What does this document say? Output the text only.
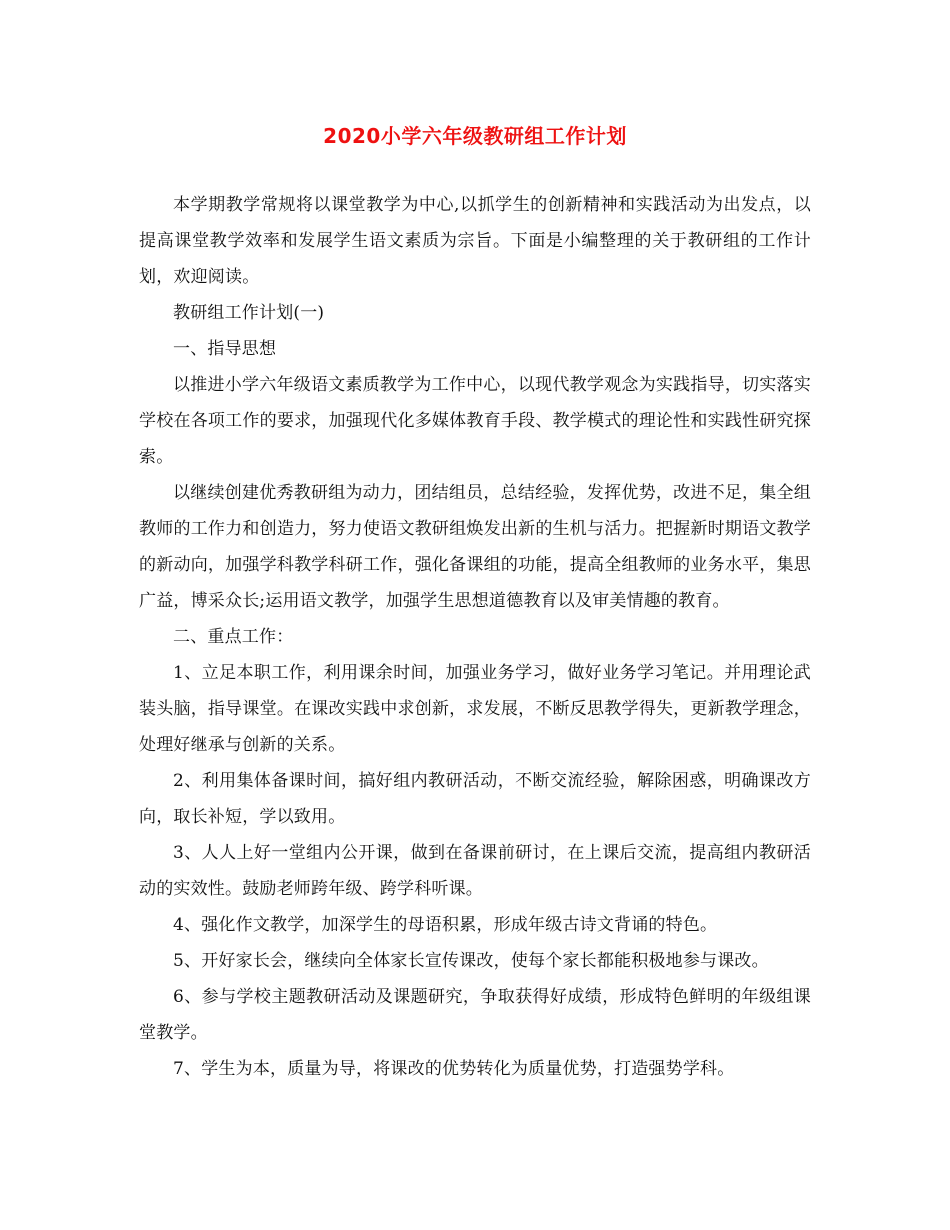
2020小学六年级教研组工作计划

本学期教学常规将以课堂教学为中心,以抓学生的创新精神和实践活动为出发点，以提高课堂教学效率和发展学生语文素质为宗旨。下面是小编整理的关于教研组的工作计划，欢迎阅读。

教研组工作计划(一)

一、指导思想

以推进小学六年级语文素质教学为工作中心，以现代教学观念为实践指导，切实落实学校在各项工作的要求，加强现代化多媒体教育手段、教学模式的理论性和实践性研究探索。

以继续创建优秀教研组为动力，团结组员，总结经验，发挥优势，改进不足，集全组教师的工作力和创造力，努力使语文教研组焕发出新的生机与活力。把握新时期语文教学的新动向，加强学科教学科研工作，强化备课组的功能，提高全组教师的业务水平，集思广益，博采众长;运用语文教学，加强学生思想道德教育以及审美情趣的教育。

二、重点工作：

1、立足本职工作，利用课余时间，加强业务学习，做好业务学习笔记。并用理论武装头脑，指导课堂。在课改实践中求创新，求发展，不断反思教学得失，更新教学理念，处理好继承与创新的关系。

2、利用集体备课时间，搞好组内教研活动，不断交流经验，解除困惑，明确课改方向，取长补短，学以致用。

3、人人上好一堂组内公开课，做到在备课前研讨，在上课后交流，提高组内教研活动的实效性。鼓励老师跨年级、跨学科听课。

4、强化作文教学，加深学生的母语积累，形成年级古诗文背诵的特色。

5、开好家长会，继续向全体家长宣传课改，使每个家长都能积极地参与课改。

6、参与学校主题教研活动及课题研究，争取获得好成绩，形成特色鲜明的年级组课堂教学。

7、学生为本，质量为导，将课改的优势转化为质量优势，打造强势学科。
